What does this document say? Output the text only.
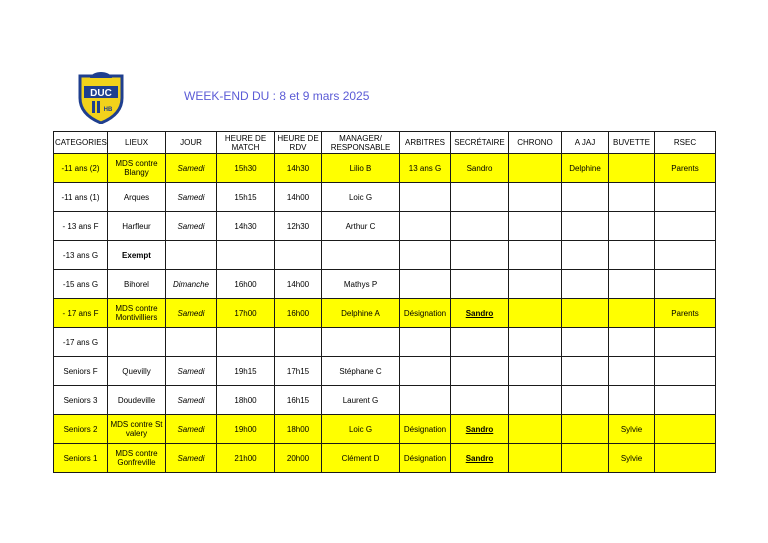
DUC
HB
WEEK-END DU : 8 et 9 mars 2025
CATEGORIES	LIEUX	JOUR	HEURE DE MATCH	HEURE DE RDV	MANAGER/ RESPONSABLE	ARBITRES	SECRÉTAIRE	CHRONO	A JAJ	BUVETTE	RSEC
-11 ans (2)	MDS contre Blangy	Samedi	15h30	14h30	Lilio B	13 ans G	Sandro		Delphine		Parents
-11 ans (1)	Arques	Samedi	15h15	14h00	Loic G						
- 13 ans F	Harfleur	Samedi	14h30	12h30	Arthur C						
-13 ans G	Exempt										
-15 ans G	Bihorel	Dimanche	16h00	14h00	Mathys P						
- 17 ans F	MDS contre Montivilliers	Samedi	17h00	16h00	Delphine A	Désignation	Sandro				Parents
-17 ans G											
Seniors F	Quevilly	Samedi	19h15	17h15	Stéphane C						
Seniors 3	Doudeville	Samedi	18h00	16h15	Laurent G						
Seniors 2	MDS contre St valery	Samedi	19h00	18h00	Loic G	Désignation	Sandro			Sylvie	
Seniors 1	MDS contre Gonfreville	Samedi	21h00	20h00	Clément D	Désignation	Sandro			Sylvie	
